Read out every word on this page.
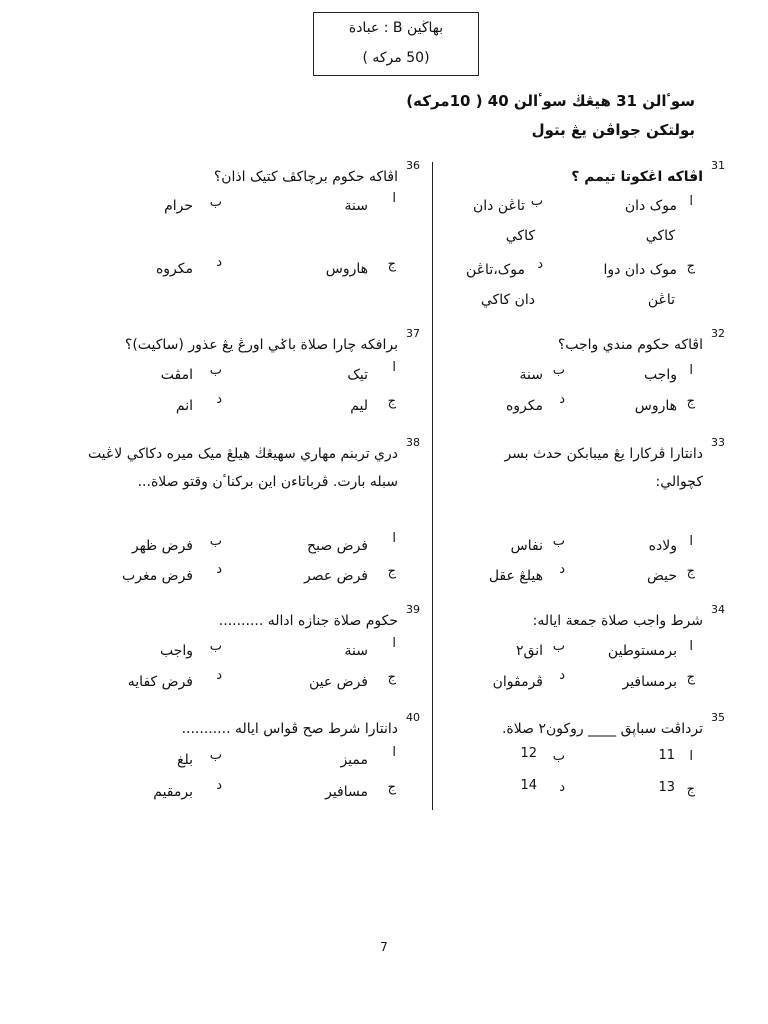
بهاڬين B : عبادة
(50 مرکه )
سوٴالن 31 هيڠڬ سوٴالن 40 ( 10مرکه)
بولتکن جواڤن يڠ بتول
31
اڤاکه اڠکوتا تيمم ؟
ا
موک دان
ب
تاڠن دان
کاکي
کاکي
ج
موک دان دوا
د
موک،تاڠن
تاڠن
دان کاکي
32
اڤاکه حکوم مندي واجب؟
ا
واجب
ب
سنة
ج
هاروس
د
مکروه
33
دانتارا ڤرکارا يڠ ميبابکن حدث بسر کچوالي:
ا
ولاده
ب
نفاس
ج
حيض
د
هيلڠ عقل
34
شرط واجب صلاة جمعة اياله:
ا
برمستوطين
ب
انق٢
ج
برمسافير
د
ڤرمڤوان
35
ترداڤت سباڽق ____ روکون٢ صلاة.
ا
11
ب
12
ج
13
د
14
36
اڤاکه حکوم برچاکڤ کتيک اذان؟
ا
سنة
ب
حرام
ج
هاروس
د
مکروه
37
برافکه چارا صلاة باݢي اورڠ يڠ عذور (ساکيت)؟
ا
تيک
ب
امڤت
ج
ليم
د
انم
38
دري تربنم مهاري سهيڠڬ هيلڠ ميک ميره دکاکي لاڠيت سبله بارت. ڤرباتاءن اين برکناٴن وقتو صلاة...
ا
فرض صبح
ب
فرض ظهر
ج
فرض عصر
د
فرض مغرب
39
حکوم صلاة جنازه اداله ..........
ا
سنة
ب
واجب
ج
فرض عين
د
فرض کفايه
40
دانتارا شرط صح ڤواس اياله ...........
ا
مميز
ب
بلغ
ج
مسافير
د
برمقيم
7
